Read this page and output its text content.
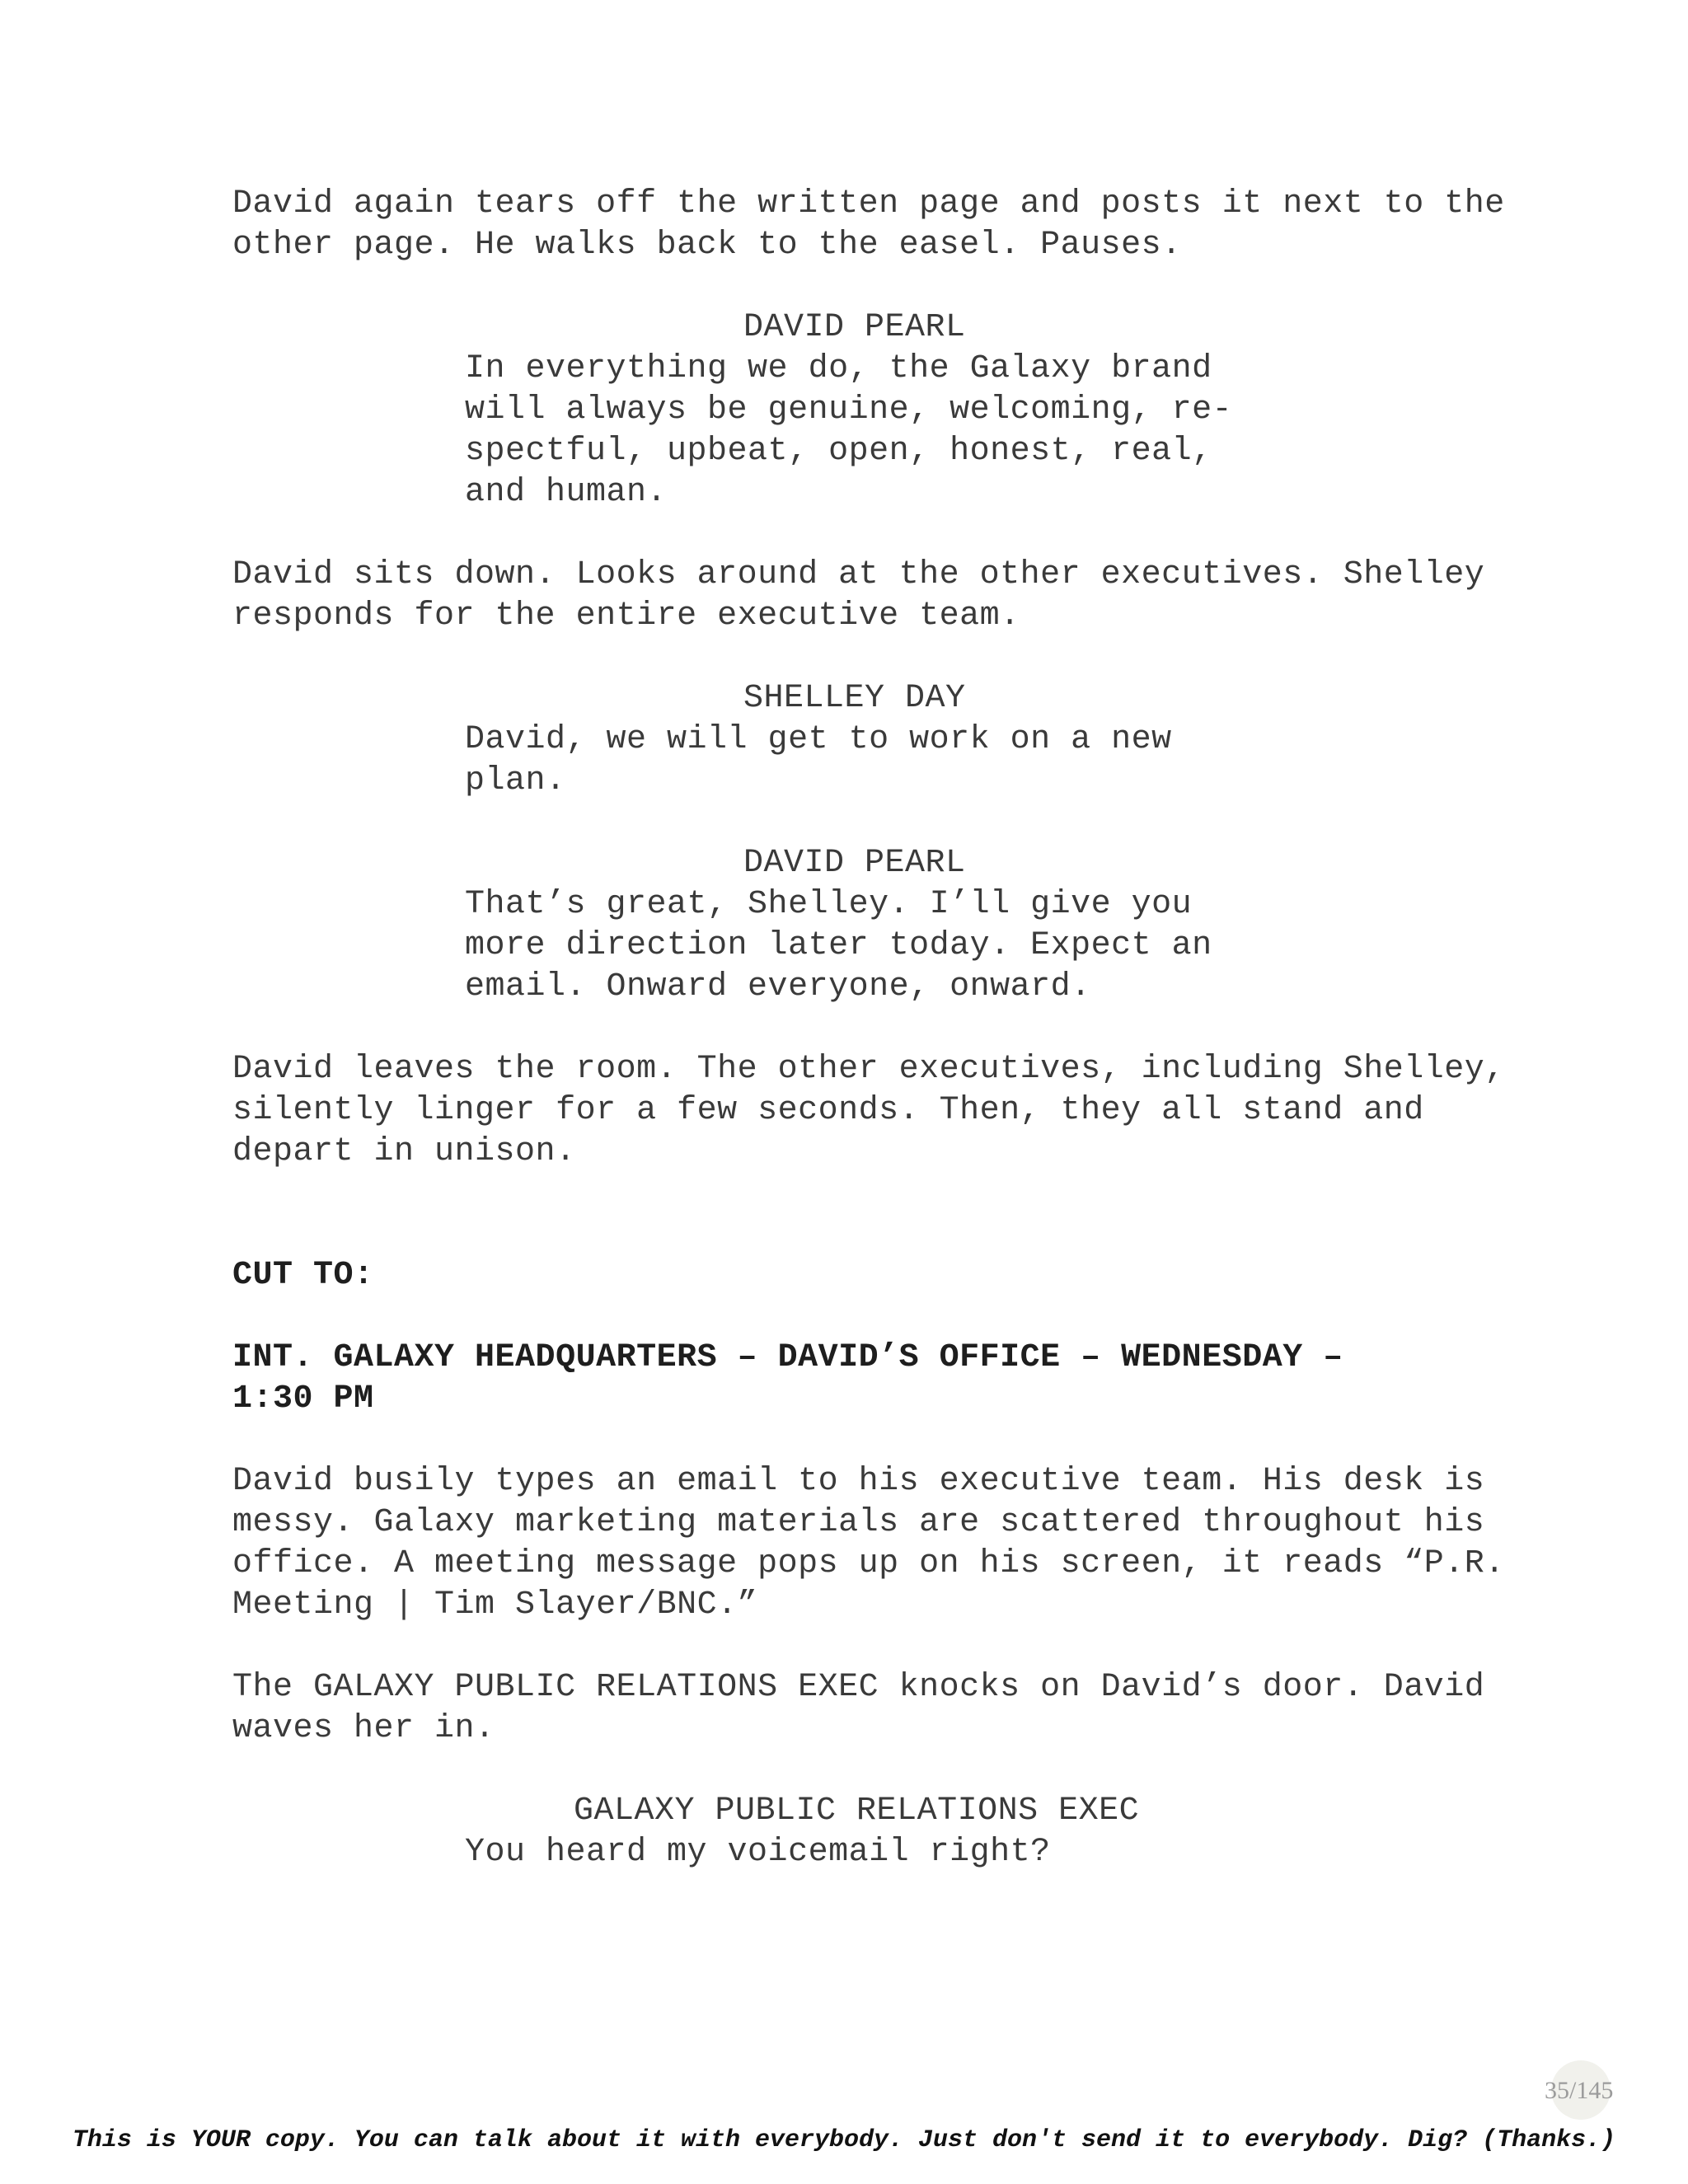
David again tears off the written page and posts it next to the
other page. He walks back to the easel. Pauses.
DAVID PEARL
In everything we do, the Galaxy brand
will always be genuine, welcoming, re-
spectful, upbeat, open, honest, real,
and human.
David sits down. Looks around at the other executives. Shelley
responds for the entire executive team.
SHELLEY DAY
David, we will get to work on a new
plan.
DAVID PEARL
That’s great, Shelley. I’ll give you
more direction later today. Expect an
email. Onward everyone, onward.
David leaves the room. The other executives, including Shelley,
silently linger for a few seconds. Then, they all stand and
depart in unison.
CUT TO:
INT. GALAXY HEADQUARTERS – DAVID’S OFFICE – WEDNESDAY –
1:30 PM
David busily types an email to his executive team. His desk is
messy. Galaxy marketing materials are scattered throughout his
office. A meeting message pops up on his screen, it reads “P.R.
Meeting | Tim Slayer/BNC.”
The GALAXY PUBLIC RELATIONS EXEC knocks on David’s door. David
waves her in.
GALAXY PUBLIC RELATIONS EXEC
You heard my voicemail right?
35/145
This is YOUR copy. You can talk about it with everybody. Just don't send it to everybody. Dig? (Thanks.)
